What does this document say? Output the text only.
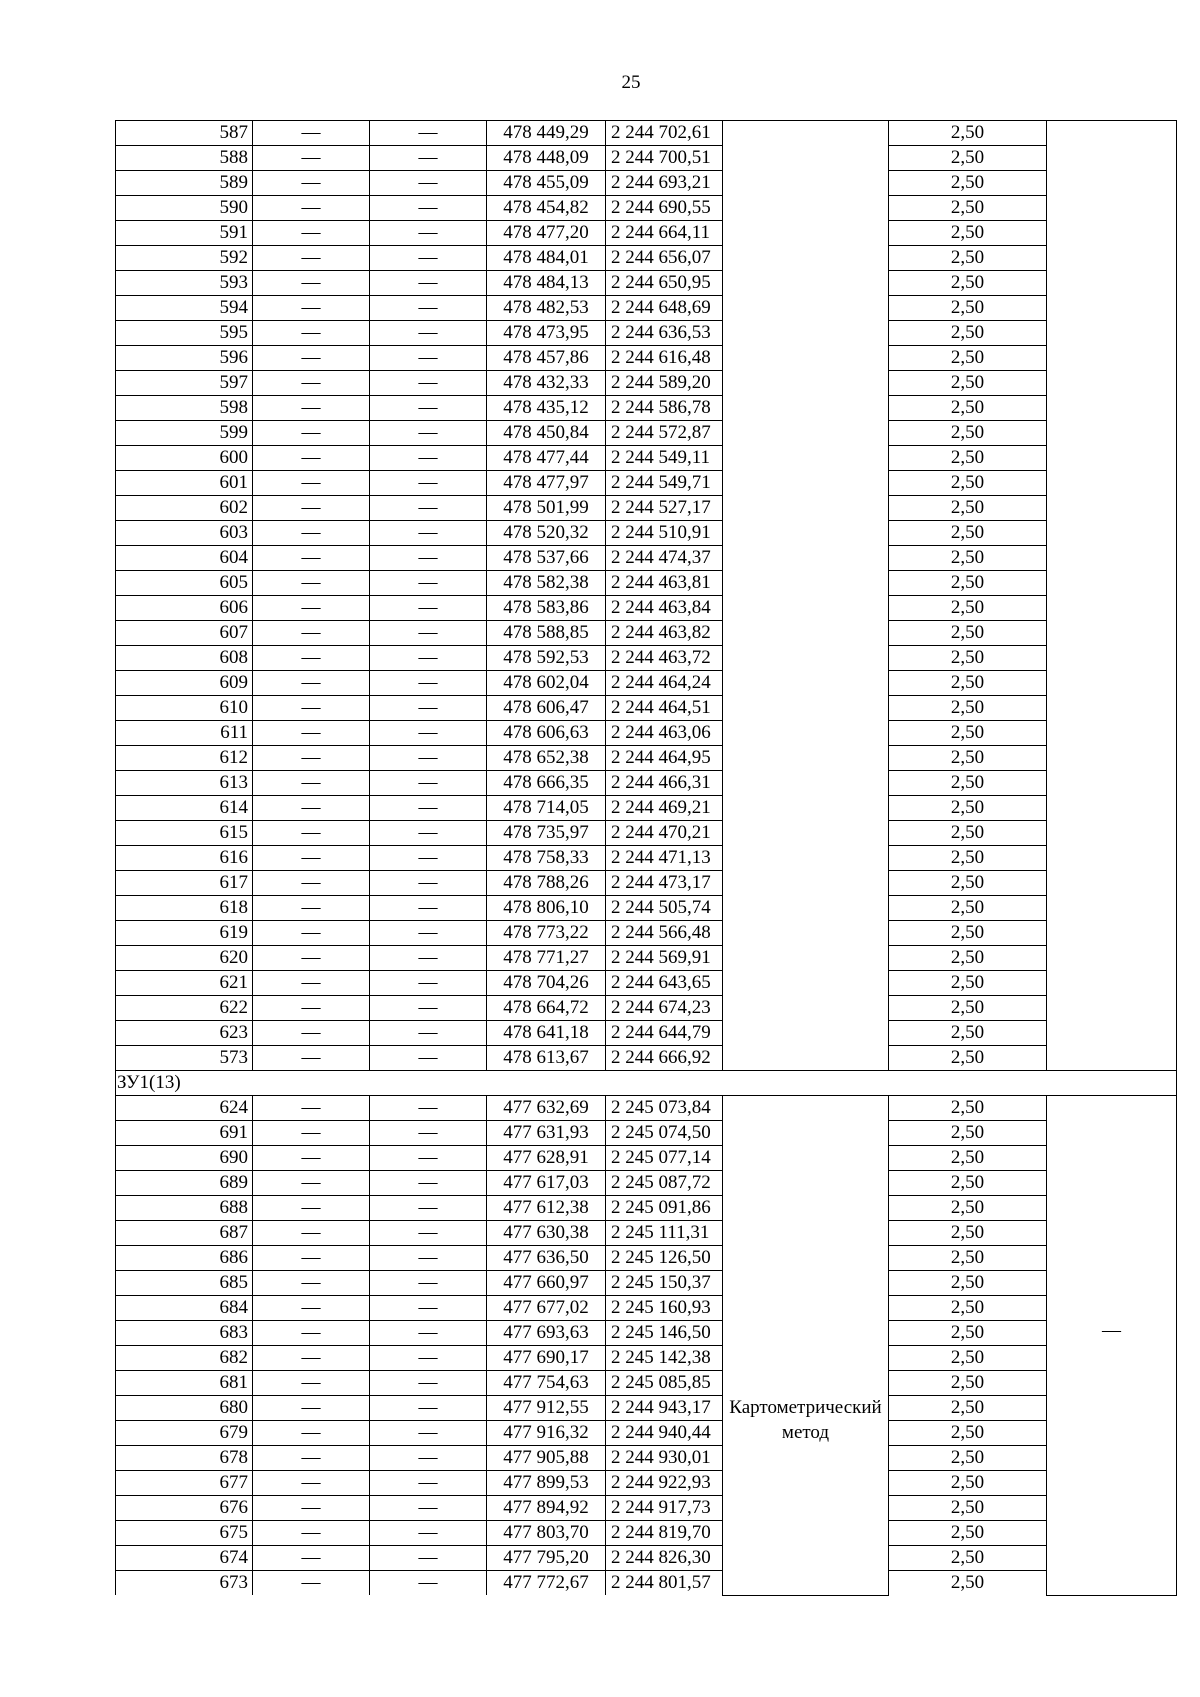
25
587	—	—	478 449,29	2 244 702,61		2,50	
588	—	—	478 448,09	2 244 700,51		2,50	
589	—	—	478 455,09	2 244 693,21		2,50	
590	—	—	478 454,82	2 244 690,55		2,50	
591	—	—	478 477,20	2 244 664,11		2,50	
592	—	—	478 484,01	2 244 656,07		2,50	
593	—	—	478 484,13	2 244 650,95		2,50	
594	—	—	478 482,53	2 244 648,69		2,50	
595	—	—	478 473,95	2 244 636,53		2,50	
596	—	—	478 457,86	2 244 616,48		2,50	
597	—	—	478 432,33	2 244 589,20		2,50	
598	—	—	478 435,12	2 244 586,78		2,50	
599	—	—	478 450,84	2 244 572,87		2,50	
600	—	—	478 477,44	2 244 549,11		2,50	
601	—	—	478 477,97	2 244 549,71		2,50	
602	—	—	478 501,99	2 244 527,17		2,50	
603	—	—	478 520,32	2 244 510,91		2,50	
604	—	—	478 537,66	2 244 474,37		2,50	
605	—	—	478 582,38	2 244 463,81		2,50	
606	—	—	478 583,86	2 244 463,84		2,50	
607	—	—	478 588,85	2 244 463,82		2,50	
608	—	—	478 592,53	2 244 463,72		2,50	
609	—	—	478 602,04	2 244 464,24		2,50	
610	—	—	478 606,47	2 244 464,51		2,50	
611	—	—	478 606,63	2 244 463,06		2,50	
612	—	—	478 652,38	2 244 464,95		2,50	
613	—	—	478 666,35	2 244 466,31		2,50	
614	—	—	478 714,05	2 244 469,21		2,50	
615	—	—	478 735,97	2 244 470,21		2,50	
616	—	—	478 758,33	2 244 471,13		2,50	
617	—	—	478 788,26	2 244 473,17		2,50	
618	—	—	478 806,10	2 244 505,74		2,50	
619	—	—	478 773,22	2 244 566,48		2,50	
620	—	—	478 771,27	2 244 569,91		2,50	
621	—	—	478 704,26	2 244 643,65		2,50	
622	—	—	478 664,72	2 244 674,23		2,50	
623	—	—	478 641,18	2 244 644,79		2,50	
573	—	—	478 613,67	2 244 666,92		2,50	
ЗУ1(13)							
624	—	—	477 632,69	2 245 073,84	Картометрический метод	2,50	—
691	—	—	477 631,93	2 245 074,50		2,50	
690	—	—	477 628,91	2 245 077,14		2,50	
689	—	—	477 617,03	2 245 087,72		2,50	
688	—	—	477 612,38	2 245 091,86		2,50	
687	—	—	477 630,38	2 245 111,31		2,50	
686	—	—	477 636,50	2 245 126,50		2,50	
685	—	—	477 660,97	2 245 150,37		2,50	
684	—	—	477 677,02	2 245 160,93		2,50	
683	—	—	477 693,63	2 245 146,50		2,50	
682	—	—	477 690,17	2 245 142,38		2,50	
681	—	—	477 754,63	2 245 085,85		2,50	
680	—	—	477 912,55	2 244 943,17		2,50	
679	—	—	477 916,32	2 244 940,44		2,50	
678	—	—	477 905,88	2 244 930,01		2,50	
677	—	—	477 899,53	2 244 922,93		2,50	
676	—	—	477 894,92	2 244 917,73		2,50	
675	—	—	477 803,70	2 244 819,70		2,50	
674	—	—	477 795,20	2 244 826,30		2,50	
673	—	—	477 772,67	2 244 801,57		2,50	
